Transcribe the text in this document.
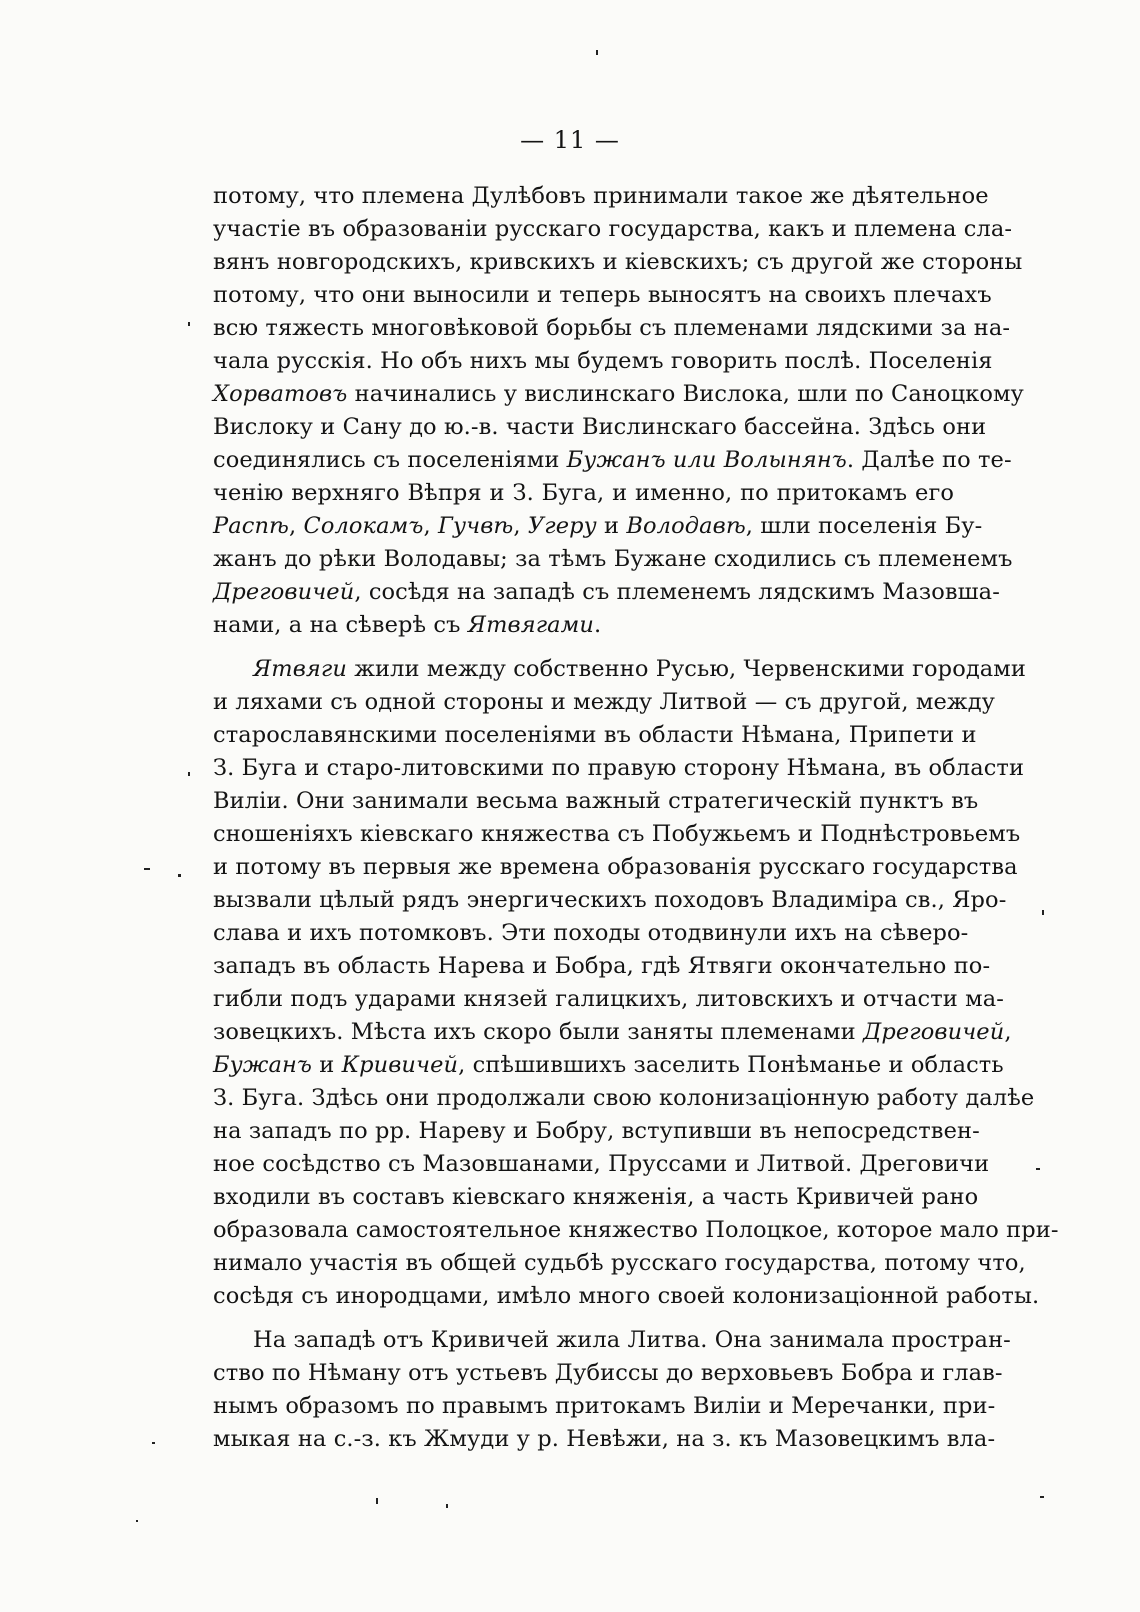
— 11 —
потому, что племена Дулѣбовъ принимали такое же дѣятельное
участіе въ образованіи русскаго государства, какъ и племена сла-
вянъ новгородскихъ, кривскихъ и кіевскихъ; съ другой же стороны
потому, что они выносили и теперь выносятъ на своихъ плечахъ
всю тяжесть многовѣковой борьбы съ племенами лядскими за на-
чала русскія. Но объ нихъ мы будемъ говорить послѣ. Поселенія
Хорватовъ начинались у вислинскаго Вислока, шли по Саноцкому
Вислоку и Сану до ю.-в. части Вислинскаго бассейна. Здѣсь они
соединялись съ поселеніями Бужанъ или Волынянъ. Далѣе по те-
ченію верхняго Вѣпря и З. Буга, и именно, по притокамъ его
Распѣ, Солокамъ, Гучвѣ, Угеру и Володавѣ, шли поселенія Бу-
жанъ до рѣки Володавы; за тѣмъ Бужане сходились съ племенемъ
Дреговичей, сосѣдя на западѣ съ племенемъ лядскимъ Мазовша-
нами, а на сѣверѣ съ Ятвягами.
Ятвяги жили между собственно Русью, Червенскими городами
и ляхами съ одной стороны и между Литвой — съ другой, между
старославянскими поселеніями въ области Нѣмана, Припети и
З. Буга и старо-литовскими по правую сторону Нѣмана, въ области
Виліи. Они занимали весьма важный стратегическій пунктъ въ
сношеніяхъ кіевскаго княжества съ Побужьемъ и Поднѣстровьемъ
и потому въ первыя же времена образованія русскаго государства
вызвали цѣлый рядъ энергическихъ походовъ Владиміра св., Яро-
слава и ихъ потомковъ. Эти походы отодвинули ихъ на сѣверо-
западъ въ область Нарева и Бобра, гдѣ Ятвяги окончательно по-
гибли подъ ударами князей галицкихъ, литовскихъ и отчасти ма-
зовецкихъ. Мѣста ихъ скоро были заняты племенами Дреговичей,
Бужанъ и Кривичей, спѣшившихъ заселить Понѣманье и область
З. Буга. Здѣсь они продолжали свою колонизаціонную работу далѣе
на западъ по рр. Нареву и Бобру, вступивши въ непосредствен-
ное сосѣдство съ Мазовшанами, Пруссами и Литвой. Дреговичи
входили въ составъ кіевскаго княженія, а часть Кривичей рано
образовала самостоятельное княжество Полоцкое, которое мало при-
нимало участія въ общей судьбѣ русскаго государства, потому что,
сосѣдя съ инородцами, имѣло много своей колонизаціонной работы.
На западѣ отъ Кривичей жила Литва. Она занимала простран-
ство по Нѣману отъ устьевъ Дубиссы до верховьевъ Бобра и глав-
нымъ образомъ по правымъ притокамъ Виліи и Меречанки, при-
мыкая на с.-з. къ Жмуди у р. Невѣжи, на з. къ Мазовецкимъ вла-
